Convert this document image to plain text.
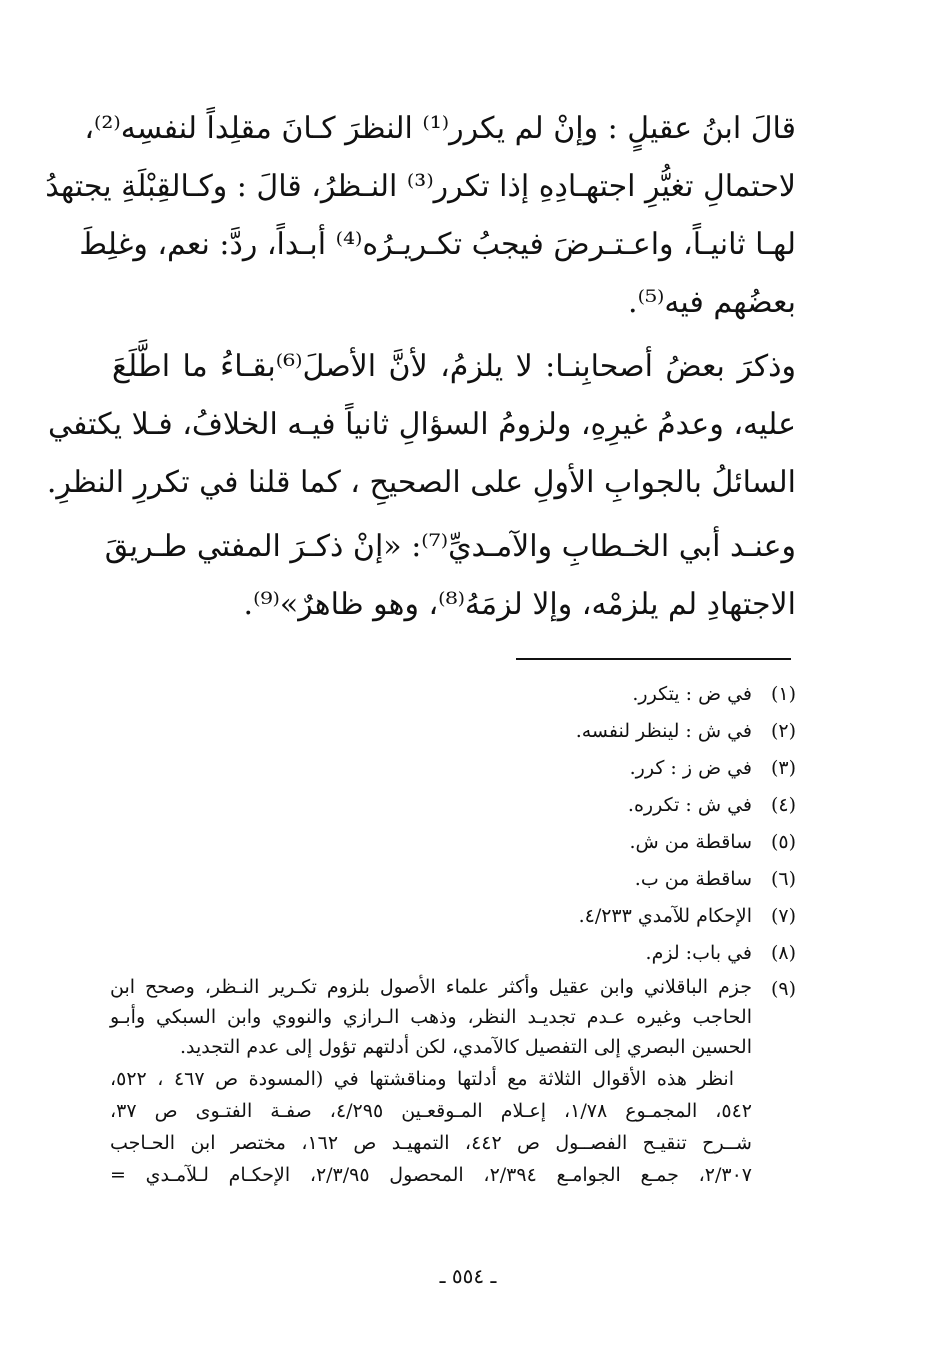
قالَ ابنُ عقيلٍ : وإنْ لم يكرر⁽¹⁾ النظرَ كـانَ مقلِداً لنفسِه⁽²⁾،
لاحتمالِ تغيُّرِ اجتهـادِهِ إذا تكرر⁽³⁾ النـظرُ، قالَ : وكـالقِبْلَةِ يجتهدُ
لهـا ثانيـاً، واعـتـرضَ فيجبُ تكـريـرُه⁽⁴⁾ أبـداً، ردَّ: نعم، وغلِطَ
بعضُهم فيه⁽⁵⁾.
وذكرَ بعضُ أصحابِنـا: لا يلزمُ، لأنَّ الأصلَ⁽⁶⁾بقـاءُ ما اطَّلَعَ
عليه، وعدمُ غيرِهِ، ولزومُ السؤالِ ثانياً فيـه الخلافُ، فـلا يكتفي
السائلُ بالجوابِ الأولِ على الصحيحِ ، كما قلنا في تكررِ النظرِ.
وعنـد أبي الخـطابِ والآمـديِّ⁽⁷⁾: «إنْ ذكـرَ المفتي طـريقَ
الاجتهادِ لم يلزمْه، وإلا لزمَهُ⁽⁸⁾، وهو ظاهرٌ»⁽⁹⁾.
(١)
في ض : يتكرر.
(٢)
في ش : لينظر لنفسه.
(٣)
في ض ز : كرر.
(٤)
في ش : تكرره.
(٥)
ساقطة من ش.
(٦)
ساقطة من ب.
(٧)
الإحكام للآمدي ٤/٢٣٣.
(٨)
في باب: لزم.
(٩)
جزم الباقلاني وابن عقيل وأكثر علماء الأصول بلزوم تكـرير النـظر، وصحح ابن
الحاجب وغيره عـدم تجديـد النظر، وذهب الـرازي والنووي وابن السبكي وأبـو
الحسين البصري إلى التفصيل كالآمدي، لكن أدلتهم تؤول إلى عدم التجديد.
انظر هذه الأقوال الثلاثة مع أدلتها ومناقشتها في (المسودة ص ٤٦٧ ، ٥٢٢،
٥٤٢، المجمـوع ١/٧٨، إعـلام المـوقعـين ٤/٢٩٥، صفـة الفتـوى ص ٣٧،
شــرح تنقيـح الفصــول ص ٤٤٢، التمهيـد ص ١٦٢، مختصر ابن الحـاجب
٢/٣٠٧، جمـع الجوامـع ٢/٣٩٤، المحصول ٢/٣/٩٥، الإحكـام لـلآمـدي =
ـ ٥٥٤ ـ
